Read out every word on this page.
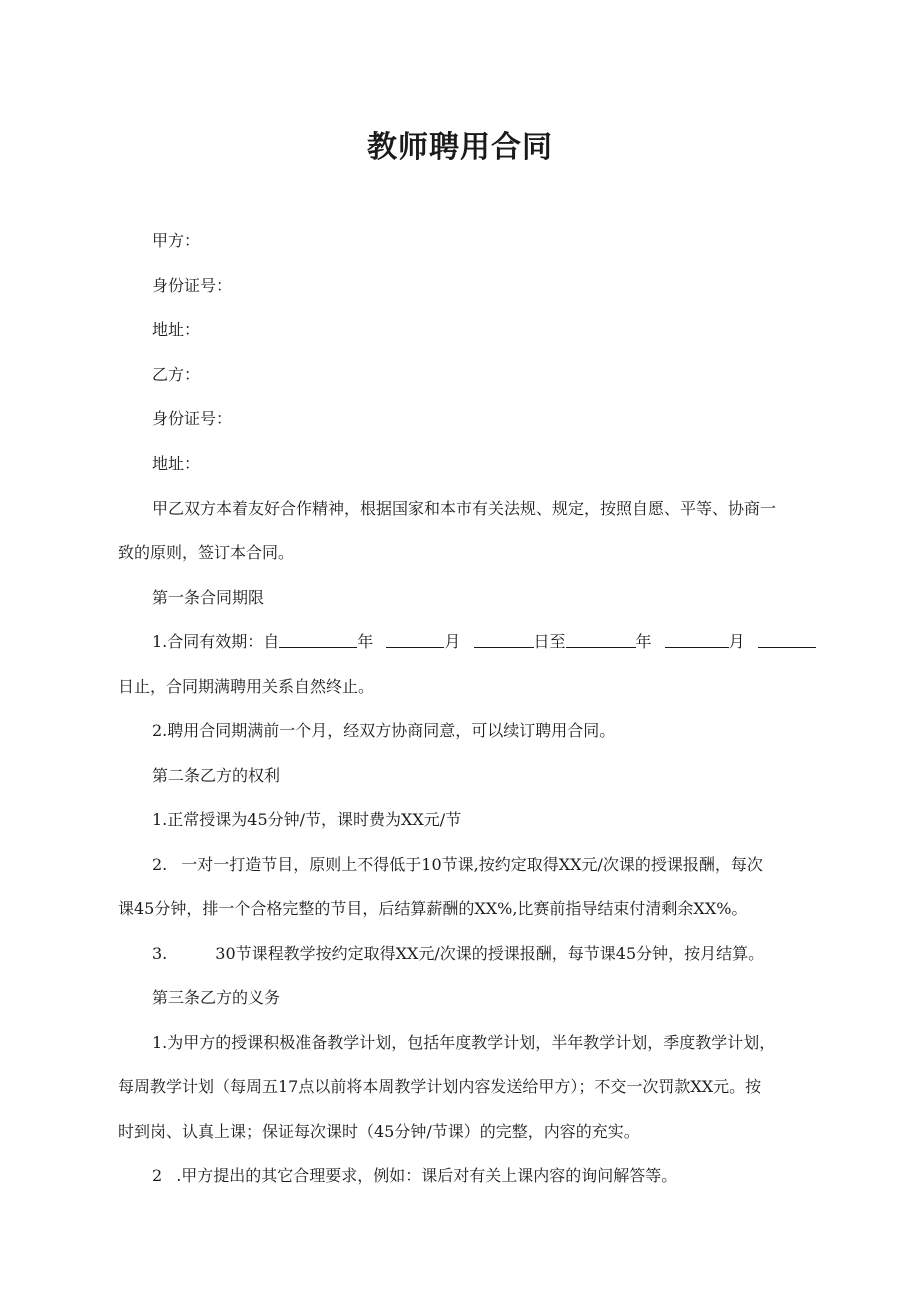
教师聘用合同
甲方：
身份证号：
地址：
乙方：
身份证号：
地址：
甲乙双方本着友好合作精神，根据国家和本市有关法规、规定，按照自愿、平等、协商一
致的原则，签订本合同。
第一条合同期限
1.合同有效期：自	年	月	日至	年	月
日止，合同期满聘用关系自然终止。
2.聘用合同期满前一个月，经双方协商同意，可以续订聘用合同。
第二条乙方的权利
1.正常授课为45分钟/节，课时费为XX元/节
2. 一对一打造节目，原则上不得低于10节课,按约定取得XX元/次课的授课报酬，每次
课45分钟，排一个合格完整的节目，后结算薪酬的XX%,比赛前指导结束付清剩余XX%。
3.	30节课程教学按约定取得XX元/次课的授课报酬，每节课45分钟，按月结算。
第三条乙方的义务
1.为甲方的授课积极准备教学计划，包括年度教学计划，半年教学计划，季度教学计划，
每周教学计划（每周五17点以前将本周教学计划内容发送给甲方）；不交一次罚款XX元。按
时到岗、认真上课；保证每次课时（45分钟/节课）的完整，内容的充实。
2 .甲方提出的其它合理要求，例如：课后对有关上课内容的询问解答等。
